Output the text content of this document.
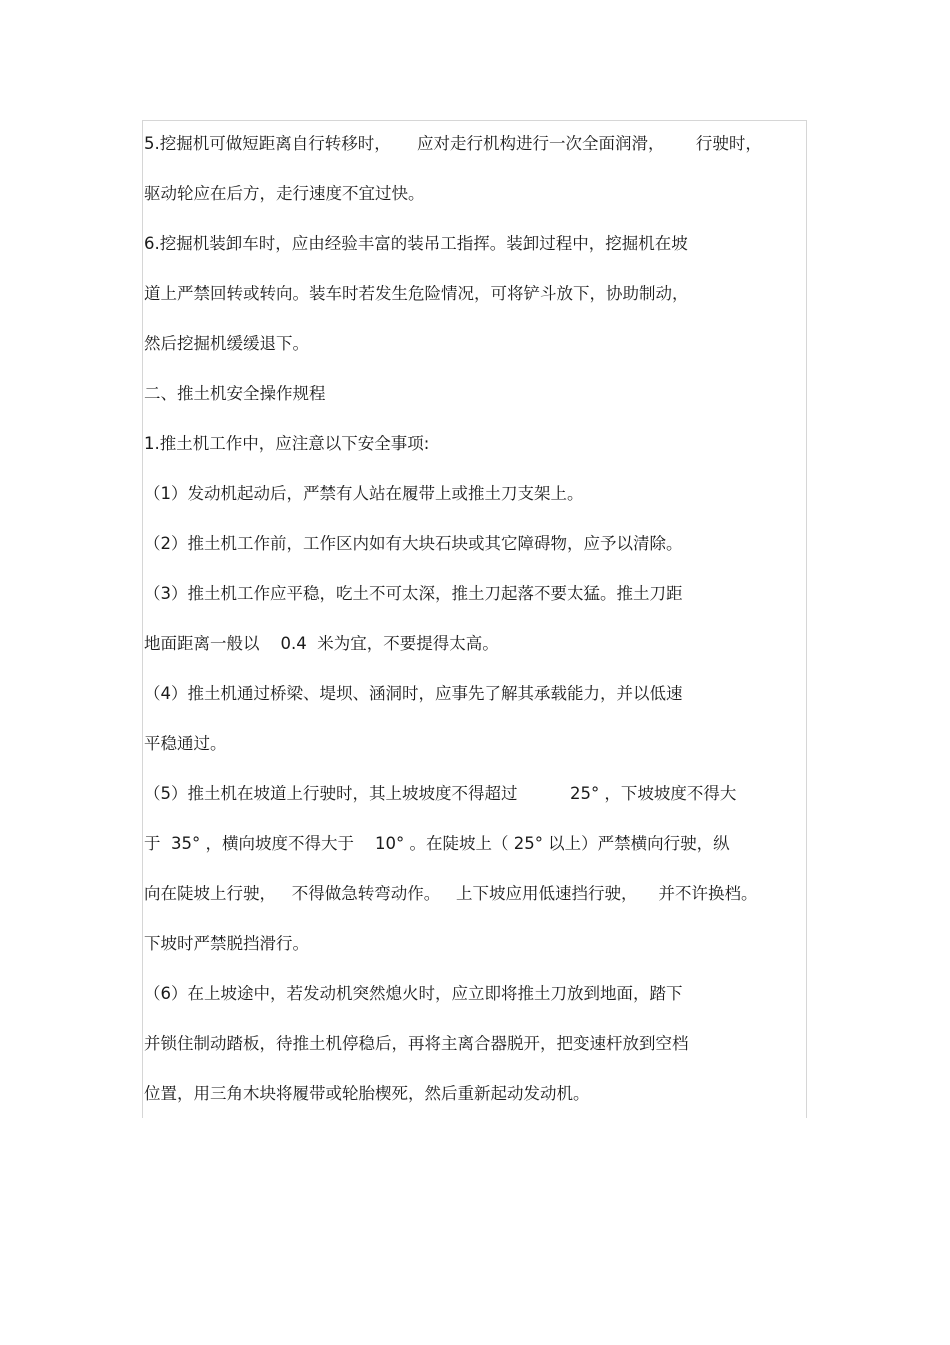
5.挖掘机可做短距离自行转移时，     应对走行机构进行一次全面润滑，      行驶时，

驱动轮应在后方，走行速度不宜过快。

6.挖掘机装卸车时，应由经验丰富的装吊工指挥。装卸过程中，挖掘机在坡

道上严禁回转或转向。装车时若发生危险情况，可将铲斗放下，协助制动，

然后挖掘机缓缓退下。

二、推土机安全操作规程

1.推土机工作中，应注意以下安全事项:

（1）发动机起动后，严禁有人站在履带上或推土刀支架上。

（2）推土机工作前，工作区内如有大块石块或其它障碍物，应予以清除。

（3）推土机工作应平稳，吃土不可太深，推土刀起落不要太猛。推土刀距

地面距离一般以    0.4  米为宜，不要提得太高。

（4）推土机通过桥梁、堤坝、涵洞时，应事先了解其承载能力，并以低速

平稳通过。

（5）推土机在坡道上行驶时，其上坡坡度不得超过          25° ，下坡坡度不得大

于  35° ，横向坡度不得大于    10° 。在陡坡上（ 25° 以上）严禁横向行驶，纵

向在陡坡上行驶，   不得做急转弯动作。   上下坡应用低速挡行驶，    并不许换档。

下坡时严禁脱挡滑行。

（6）在上坡途中，若发动机突然熄火时，应立即将推土刀放到地面，踏下

并锁住制动踏板，待推土机停稳后，再将主离合器脱开，把变速杆放到空档

位置，用三角木块将履带或轮胎楔死，然后重新起动发动机。
